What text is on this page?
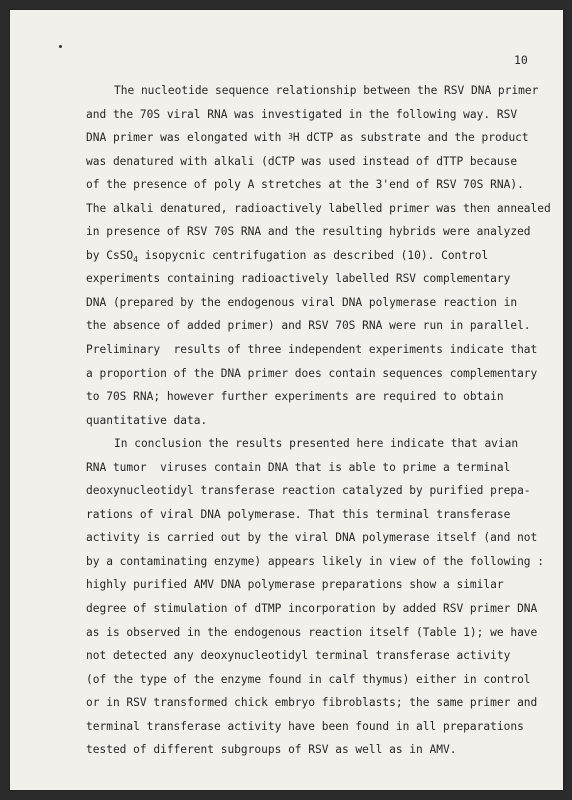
10
The nucleotide sequence relationship between the RSV DNA primer
and the 70S viral RNA was investigated in the following way. RSV
DNA primer was elongated with $^3$H dCTP as substrate and the product
was denatured with alkali (dCTP was used instead of dTTP because
of the presence of poly A stretches at the 3'end of RSV 70S RNA).
The alkali denatured, radioactively labelled primer was then annealed
in presence of RSV 70S RNA and the resulting hybrids were analyzed
by CsSO$_4$ isopycnic centrifugation as described (10). Control
experiments containing radioactively labelled RSV complementary
DNA (prepared by the endogenous viral DNA polymerase reaction in
the absence of added primer) and RSV 70S RNA were run in parallel.
Preliminary  results of three independent experiments indicate that
a proportion of the DNA primer does contain sequences complementary
to 70S RNA; however further experiments are required to obtain
quantitative data.
In conclusion the results presented here indicate that avian
RNA tumor  viruses contain DNA that is able to prime a terminal
deoxynucleotidyl transferase reaction catalyzed by purified prepa-
rations of viral DNA polymerase. That this terminal transferase
activity is carried out by the viral DNA polymerase itself (and not
by a contaminating enzyme) appears likely in view of the following :
highly purified AMV DNA polymerase preparations show a similar
degree of stimulation of dTMP incorporation by added RSV primer DNA
as is observed in the endogenous reaction itself (Table 1); we have
not detected any deoxynucleotidyl terminal transferase activity
(of the type of the enzyme found in calf thymus) either in control
or in RSV transformed chick embryo fibroblasts; the same primer and
terminal transferase activity have been found in all preparations
tested of different subgroups of RSV as well as in AMV.
